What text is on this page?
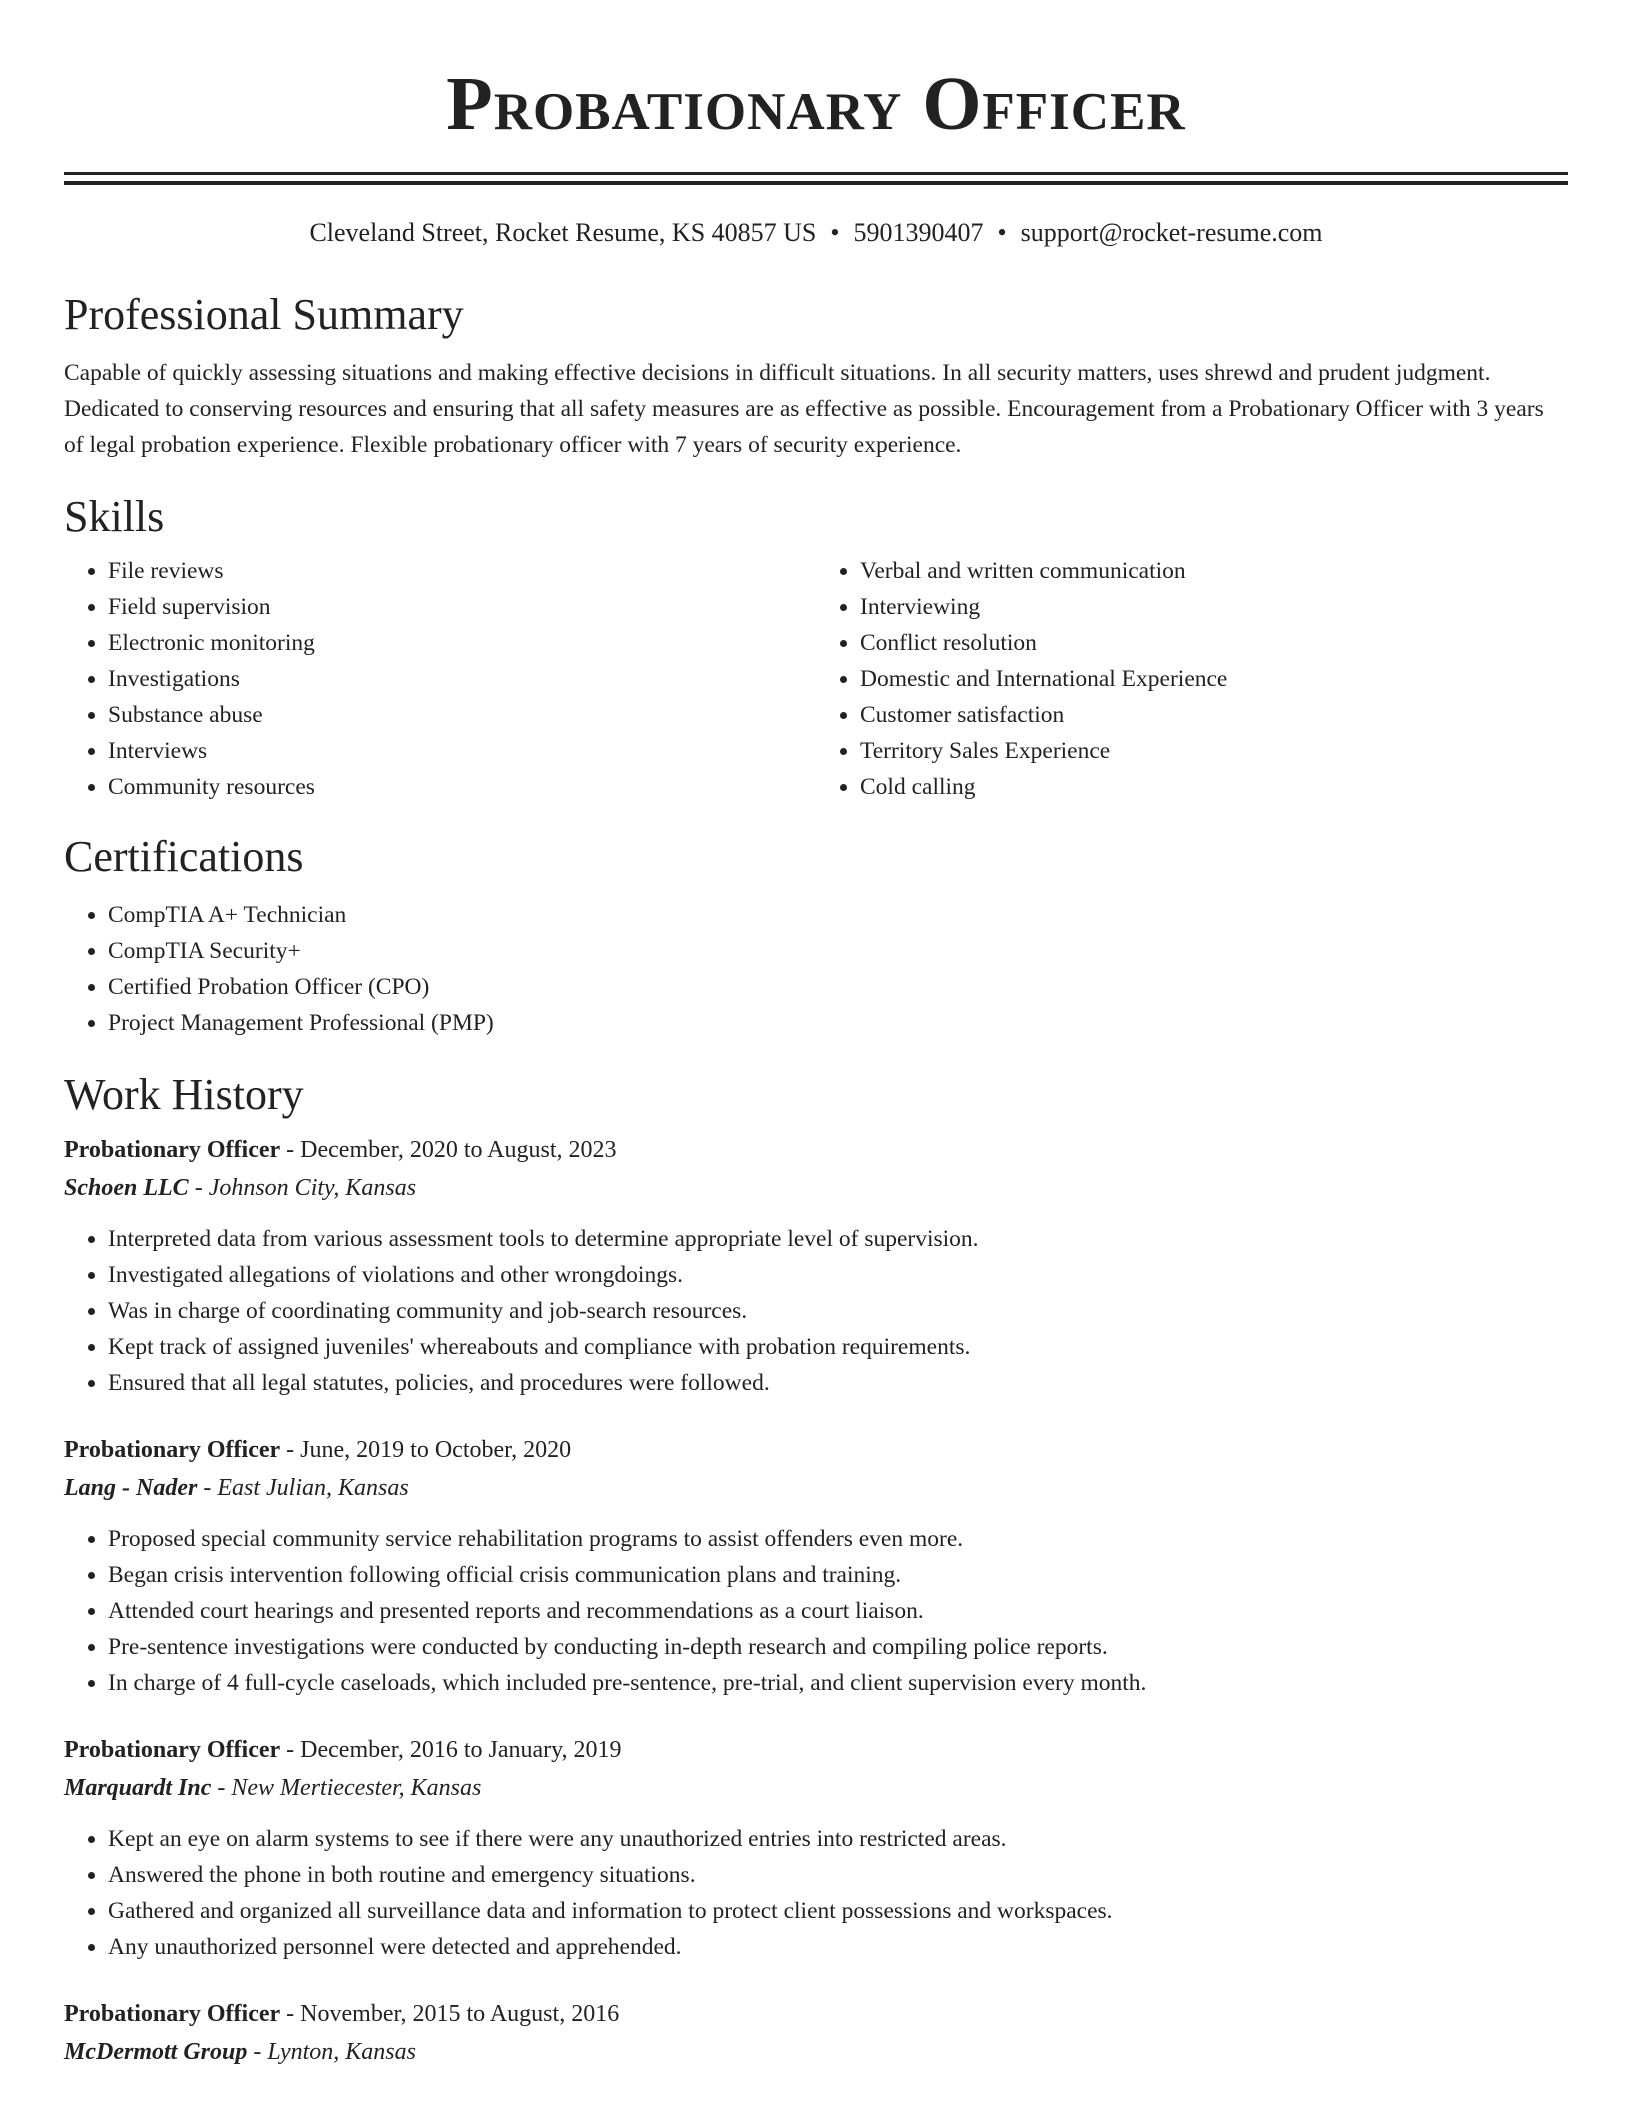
Probationary Officer
Cleveland Street, Rocket Resume, KS 40857 US • 5901390407 • support@rocket-resume.com
Professional Summary

Capable of quickly assessing situations and making effective decisions in difficult situations. In all security matters, uses shrewd and prudent judgment. Dedicated to conserving resources and ensuring that all safety measures are as effective as possible. Encouragement from a Probationary Officer with 3 years of legal probation experience. Flexible probationary officer with 7 years of security experience.

Skills
• File reviews
• Field supervision
• Electronic monitoring
• Investigations
• Substance abuse
• Interviews
• Community resources
• Verbal and written communication
• Interviewing
• Conflict resolution
• Domestic and International Experience
• Customer satisfaction
• Territory Sales Experience
• Cold calling
Certifications
• CompTIA A+ Technician
• CompTIA Security+
• Certified Probation Officer (CPO)
• Project Management Professional (PMP)
Work History
Probationary Officer - December, 2020 to August, 2023
Schoen LLC - Johnson City, Kansas
• Interpreted data from various assessment tools to determine appropriate level of supervision.
• Investigated allegations of violations and other wrongdoings.
• Was in charge of coordinating community and job-search resources.
• Kept track of assigned juveniles' whereabouts and compliance with probation requirements.
• Ensured that all legal statutes, policies, and procedures were followed.
Probationary Officer - June, 2019 to October, 2020
Lang - Nader - East Julian, Kansas
• Proposed special community service rehabilitation programs to assist offenders even more.
• Began crisis intervention following official crisis communication plans and training.
• Attended court hearings and presented reports and recommendations as a court liaison.
• Pre-sentence investigations were conducted by conducting in-depth research and compiling police reports.
• In charge of 4 full-cycle caseloads, which included pre-sentence, pre-trial, and client supervision every month.
Probationary Officer - December, 2016 to January, 2019
Marquardt Inc - New Mertiecester, Kansas
• Kept an eye on alarm systems to see if there were any unauthorized entries into restricted areas.
• Answered the phone in both routine and emergency situations.
• Gathered and organized all surveillance data and information to protect client possessions and workspaces.
• Any unauthorized personnel were detected and apprehended.
Probationary Officer - November, 2015 to August, 2016
McDermott Group - Lynton, Kansas
